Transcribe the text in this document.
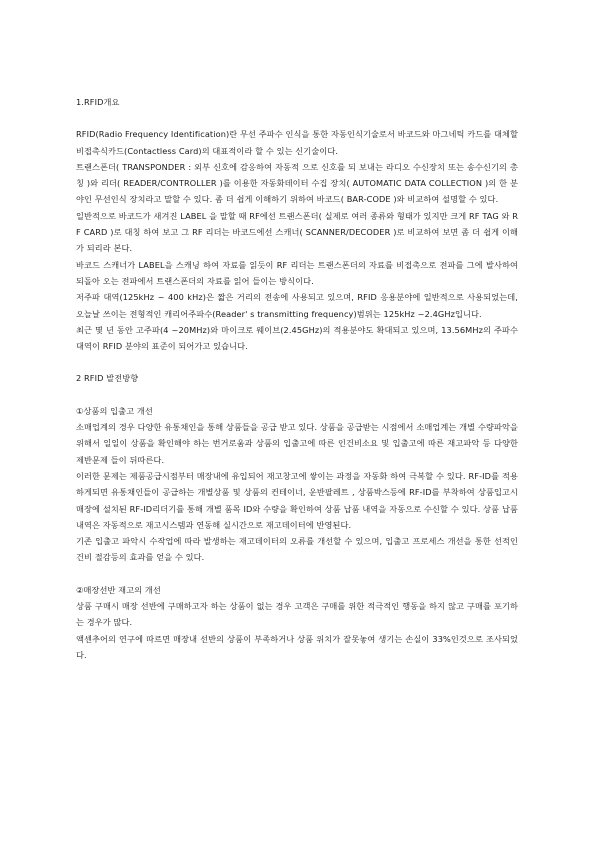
1.RFID개요

RFID(Radio Frequency Identification)란 무선 주파수 인식을 통한 자동인식기술로서 바코드와 마그네틱 카드를 대체할 비접촉식카드(Contactless Card)의 대표적이라 할 수 있는 신기술이다.

트랜스폰더( TRANSPONDER : 외부 신호에 감응하여 자동적 으로 신호를 되 보내는 라디오 수신장치 또는 송수신기의 총칭 )와 리더( READER/CONTROLLER )를 이용한 자동화데이터 수집 장치( AUTOMATIC DATA COLLECTION )의 한 분야인 무선인식 장치라고 말할 수 있다. 좀 더 쉽게 이해하기 위하여 바코드( BAR-CODE )와 비교하여 설명할 수 있다.

일반적으로 바코드가 새겨진 LABEL 을 말할 때 RF에선 트랜스폰더( 실제로 여러 종류와 형태가 있지만 크게 RF TAG 와 RF CARD )로 대칭 하여 보고 그 RF 리더는 바코드에선 스캐너( SCANNER/DECODER )로 비교하여 보면 좀 더 쉽게 이해가 되리라 본다.

바코드 스캐너가 LABEL을 스캐닝 하여 자료를 읽듯이 RF 리더는 트랜스폰더의 자료를 비접촉으로 전파를 그에 발사하여 되돌아 오는 전파에서 트랜스폰더의 자료를 읽어 들이는 방식이다.

저주파 대역(125kHz ~ 400 kHz)은 짧은 거리의 전송에 사용되고 있으며, RFID 응용분야에 일반적으로 사용되었는데, 오늘날 쓰이는 전형적인 캐리어주파수(Reader' s transmitting frequency)범위는 125kHz ~2.4GHz입니다.

최근 몇 년 동안 고주파(4 ~20MHz)와 마이크로 웨이브(2.45GHz)의 적용분야도 확대되고 있으며, 13.56MHz의 주파수 대역이 RFID 분야의 표준이 되어가고 있습니다.

2 RFID 발전방향

①상품의 입출고 개선

소매업계의 경우 다양한 유통채인을 통해 상품들을 공급 받고 있다. 상품을 공급받는 시점에서 소매업계는 개별 수량파악을 위해서 일일이 상품을 확인해야 하는 번거로움과 상품의 입출고에 따른 인건비소요 및 입출고에 따른 재고파악 등 다양한 제반문제 들이 뒤따른다.

이러한 문제는 제품공급시점부터 매장내에 유입되어 재고창고에 쌓이는 과정을 자동화 하여 극복할 수 있다. RF-ID를 적용하게되면 유통채인들이 공급하는 개별상품 및 상품의 컨테이너, 운반팔레트 , 상품박스등에 RF-ID를 부착하여 상품입고시 매장에 설치된 RF-ID리더기를 통해 개별 품목 ID와 수량을 확인하여 상품 납품 내역을 자동으로 수신할 수 있다. 상품 납품 내역은 자동적으로 재고시스템과 연동해 실시간으로 재고데이터에 반영된다.

기존 입출고 파악시 수작업에 따라 발생하는 재고데이터의 오류를 개선할 수 있으며, 입출고 프로세스 개선을 통한 선적인건비 절감등의 효과를 얻을 수 있다.

②매장선반 재고의 개선

상품 구매시 매장 선반에 구매하고자 하는 상품이 없는 경우 고객은 구매를 위한 적극적인 행동을 하지 않고 구매를 포기하는 경우가 많다.

액센추어의 연구에 따르면 매장내 선반의 상품이 부족하거나 상품 위치가 잘못놓여 생기는 손실이 33%인것으로 조사되었다.
